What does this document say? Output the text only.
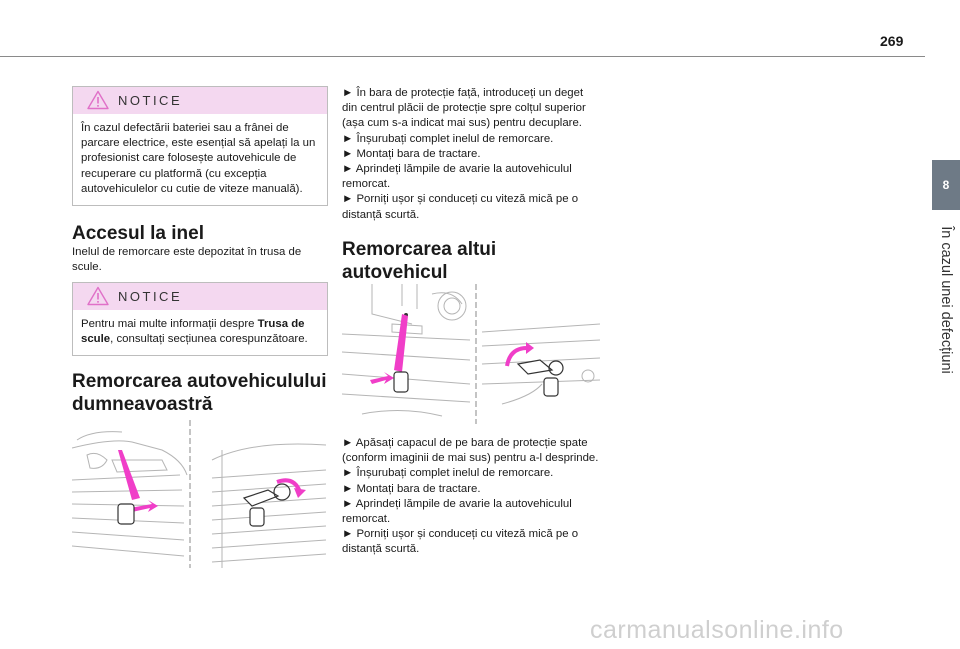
269
8
În cazul unei defecțiuni
NOTICE
În cazul defectării bateriei sau a frânei de parcare electrice, este esențial să apelați la un profesionist care folosește autovehicule de recuperare cu platformă (cu excepția autovehiculelor cu cutie de viteze manuală).
Accesul la inel
Inelul de remorcare este depozitat în trusa de scule.
NOTICE
Pentru mai multe informații despre Trusa de scule, consultați secțiunea corespunzătoare.
Remorcarea autovehiculului
dumneavoastră
► În bara de protecție față, introduceți un deget din centrul plăcii de protecție spre colțul superior (așa cum s-a indicat mai sus) pentru decuplare.
► Înșurubați complet inelul de remorcare.
► Montați bara de tractare.
► Aprindeți lămpile de avarie la autovehiculul remorcat.
► Porniți ușor și conduceți cu viteză mică pe o distanță scurtă.
Remorcarea altui
autovehicul
► Apăsați capacul de pe bara de protecție spate (conform imaginii de mai sus) pentru a-l desprinde.
► Înșurubați complet inelul de remorcare.
► Montați bara de tractare.
► Aprindeți lămpile de avarie la autovehiculul remorcat.
► Porniți ușor și conduceți cu viteză mică pe o distanță scurtă.
carmanualsonline.info
